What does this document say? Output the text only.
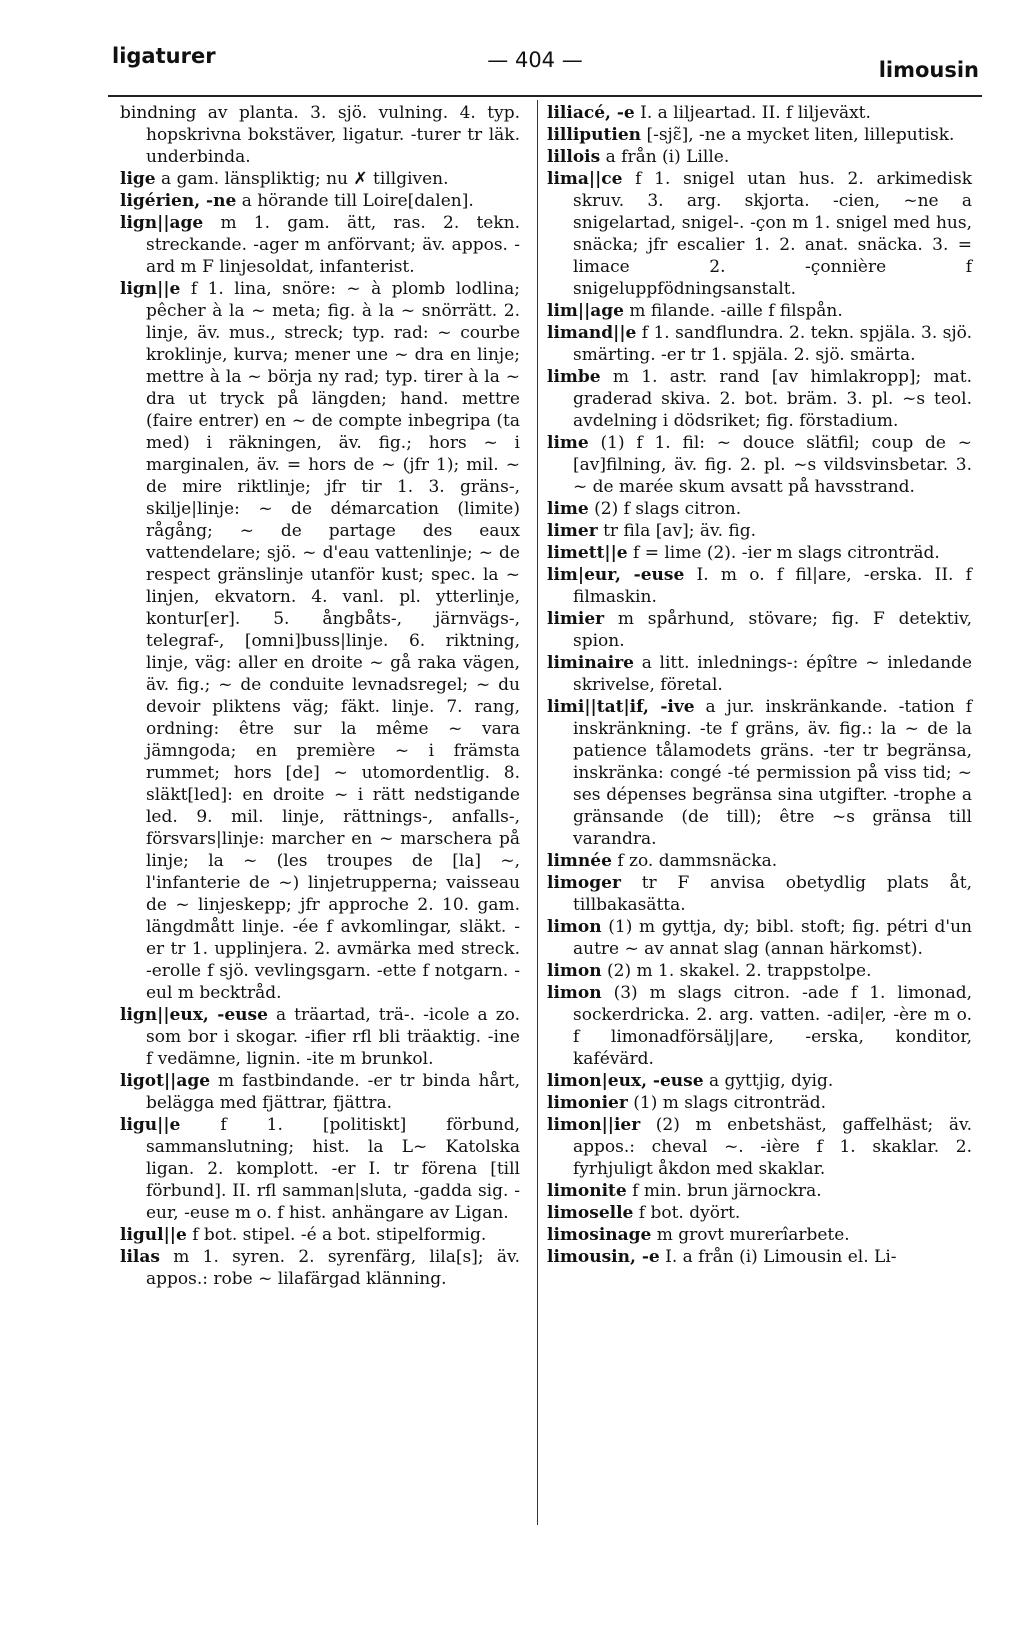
ligaturer	— 404 —	limousin

bindning av planta. 3. sjö. vulning. 4. typ. hopskrivna bokstäver, ligatur. -turer tr läk. underbinda.

lige a gam. länspliktig; nu ✗ tillgiven.

ligérien, -ne a hörande till Loire[dalen].

lign||age m 1. gam. ätt, ras. 2. tekn. streckande. -ager m anförvant; äv. appos. -ard m F linjesoldat, infanterist.

lign||e f 1. lina, snöre: ~ à plomb lodlina; pêcher à la ~ meta; fig. à la ~ snörrätt. 2. linje, äv. mus., streck; typ. rad: ~ courbe kroklinje, kurva; mener une ~ dra en linje; mettre à la ~ börja ny rad; typ. tirer à la ~ dra ut tryck på längden; hand. mettre (faire entrer) en ~ de compte inbegripa (ta med) i räkningen, äv. fig.; hors ~ i marginalen, äv. = hors de ~ (jfr 1); mil. ~ de mire riktlinje; jfr tir 1. 3. gräns-, skilje|linje: ~ de démarcation (limite) rågång; ~ de partage des eaux vattendelare; sjö. ~ d'eau vattenlinje; ~ de respect gränslinje utanför kust; spec. la ~ linjen, ekvatorn. 4. vanl. pl. ytterlinje, kontur[er]. 5. ångbåts-, järnvägs-, telegraf-, [omni]buss|linje. 6. riktning, linje, väg: aller en droite ~ gå raka vägen, äv. fig.; ~ de conduite levnadsregel; ~ du devoir pliktens väg; fäkt. linje. 7. rang, ordning: être sur la même ~ vara jämngoda; en première ~ i främsta rummet; hors [de] ~ utomordentlig. 8. släkt[led]: en droite ~ i rätt nedstigande led. 9. mil. linje, rättnings-, anfalls-, försvars|linje: marcher en ~ marschera på linje; la ~ (les troupes de [la] ~, l'infanterie de ~) linjetrupperna; vaisseau de ~ linjeskepp; jfr approche 2. 10. gam. längdmått linje. -ée f avkomlingar, släkt. -er tr 1. upplinjera. 2. avmärka med streck. -erolle f sjö. vevlingsgarn. -ette f notgarn. -eul m becktråd.

lign||eux, -euse a träartad, trä-. -icole a zo. som bor i skogar. -ifier rfl bli träaktig. -ine f vedämne, lignin. -ite m brunkol.

ligot||age m fastbindande. -er tr binda hårt, belägga med fjättrar, fjättra.

ligu||e f 1. [politiskt] förbund, sammanslutning; hist. la L~ Katolska ligan. 2. komplott. -er I. tr förena [till förbund]. II. rfl samman|sluta, -gadda sig. -eur, -euse m o. f hist. anhängare av Ligan.

ligul||e f bot. stipel. -é a bot. stipelformig.

lilas m 1. syren. 2. syrenfärg, lila[s]; äv. appos.: robe ~ lilafärgad klänning.

liliacé, -e I. a liljeartad. II. f liljeväxt.

lilliputien [-sjɛ̃], -ne a mycket liten, lilleputisk.

lillois a från (i) Lille.

lima||ce f 1. snigel utan hus. 2. arkimedisk skruv. 3. arg. skjorta. -cien, ~ne a snigelartad, snigel-. -çon m 1. snigel med hus, snäcka; jfr escalier 1. 2. anat. snäcka. 3. = limace 2. -çonnière f snigeluppfödningsanstalt.

lim||age m filande. -aille f filspån.

limand||e f 1. sandflundra. 2. tekn. spjäla. 3. sjö. smärting. -er tr 1. spjäla. 2. sjö. smärta.

limbe m 1. astr. rand [av himlakropp]; mat. graderad skiva. 2. bot. bräm. 3. pl. ~s teol. avdelning i dödsriket; fig. förstadium.

lime (1) f 1. fil: ~ douce slätfil; coup de ~ [av]filning, äv. fig. 2. pl. ~s vildsvinsbetar. 3. ~ de marée skum avsatt på havsstrand.

lime (2) f slags citron.

limer tr fila [av]; äv. fig.

limett||e f = lime (2). -ier m slags citronträd.

lim|eur, -euse I. m o. f fil|are, -erska. II. f filmaskin.

limier m spårhund, stövare; fig. F detektiv, spion.

liminaire a litt. inlednings-: épître ~ inledande skrivelse, företal.

limi||tat|if, -ive a jur. inskränkande. -tation f inskränkning. -te f gräns, äv. fig.: la ~ de la patience tålamodets gräns. -ter tr begränsa, inskränka: congé -té permission på viss tid; ~ ses dépenses begränsa sina utgifter. -trophe a gränsande (de till); être ~s gränsa till varandra.

limnée f zo. dammsnäcka.

limoger tr F anvisa obetydlig plats åt, tillbakasätta.

limon (1) m gyttja, dy; bibl. stoft; fig. pétri d'un autre ~ av annat slag (annan härkomst).

limon (2) m 1. skakel. 2. trappstolpe.

limon (3) m slags citron. -ade f 1. limonad, sockerdricka. 2. arg. vatten. -adi|er, -ère m o. f limonadförsälj|are, -erska, konditor, kafévärd.

limon|eux, -euse a gyttjig, dyig.

limonier (1) m slags citronträd.

limon||ier (2) m enbetshäst, gaffelhäst; äv. appos.: cheval ~. -ière f 1. skaklar. 2. fyrhjuligt åkdon med skaklar.

limonite f min. brun järnockra.

limoselle f bot. dyört.

limosinage m grovt murerîarbete.

limousin, -e I. a från (i) Limousin el. Li-
